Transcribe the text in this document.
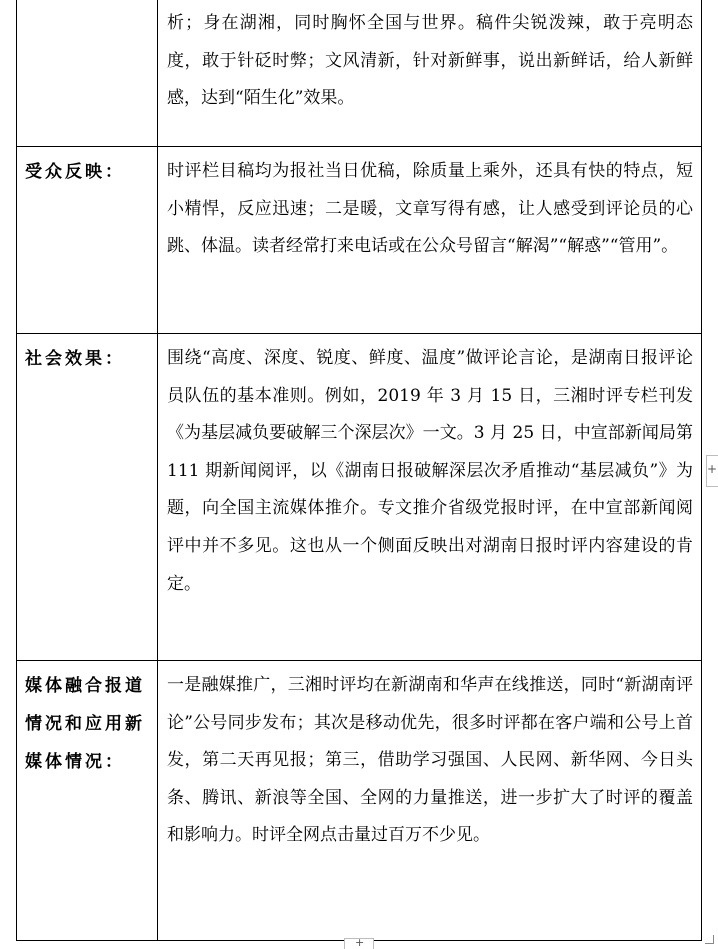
	析；身在湖湘，同时胸怀全国与世界。稿件尖锐泼辣，敢于亮明态度，敢于针砭时弊；文风清新，针对新鲜事，说出新鲜话，给人新鲜感，达到“陌生化”效果。

受众反映：	时评栏目稿均为报社当日优稿，除质量上乘外，还具有快的特点，短小精悍，反应迅速；二是暖，文章写得有感，让人感受到评论员的心跳、体温。读者经常打来电话或在公众号留言“解渴”“解惑”“管用”。

社会效果：	围绕“高度、深度、锐度、鲜度、温度”做评论言论，是湖南日报评论员队伍的基本准则。例如，2019 年 3 月 15 日，三湘时评专栏刊发《为基层减负要破解三个深层次》一文。3 月 25 日，中宣部新闻局第 111 期新闻阅评，以《湖南日报破解深层次矛盾推动“基层减负”》为题，向全国主流媒体推介。专文推介省级党报时评，在中宣部新闻阅评中并不多见。这也从一个侧面反映出对湖南日报时评内容建设的肯定。

媒体融合报道情况和应用新媒体情况：	一是融媒推广，三湘时评均在新湖南和华声在线推送，同时“新湖南评论”公号同步发布；其次是移动优先，很多时评都在客户端和公号上首发，第二天再见报；第三，借助学习强国、人民网、新华网、今日头条、腾讯、新浪等全国、全网的力量推送，进一步扩大了时评的覆盖和影响力。时评全网点击量过百万不少见。
+
+
